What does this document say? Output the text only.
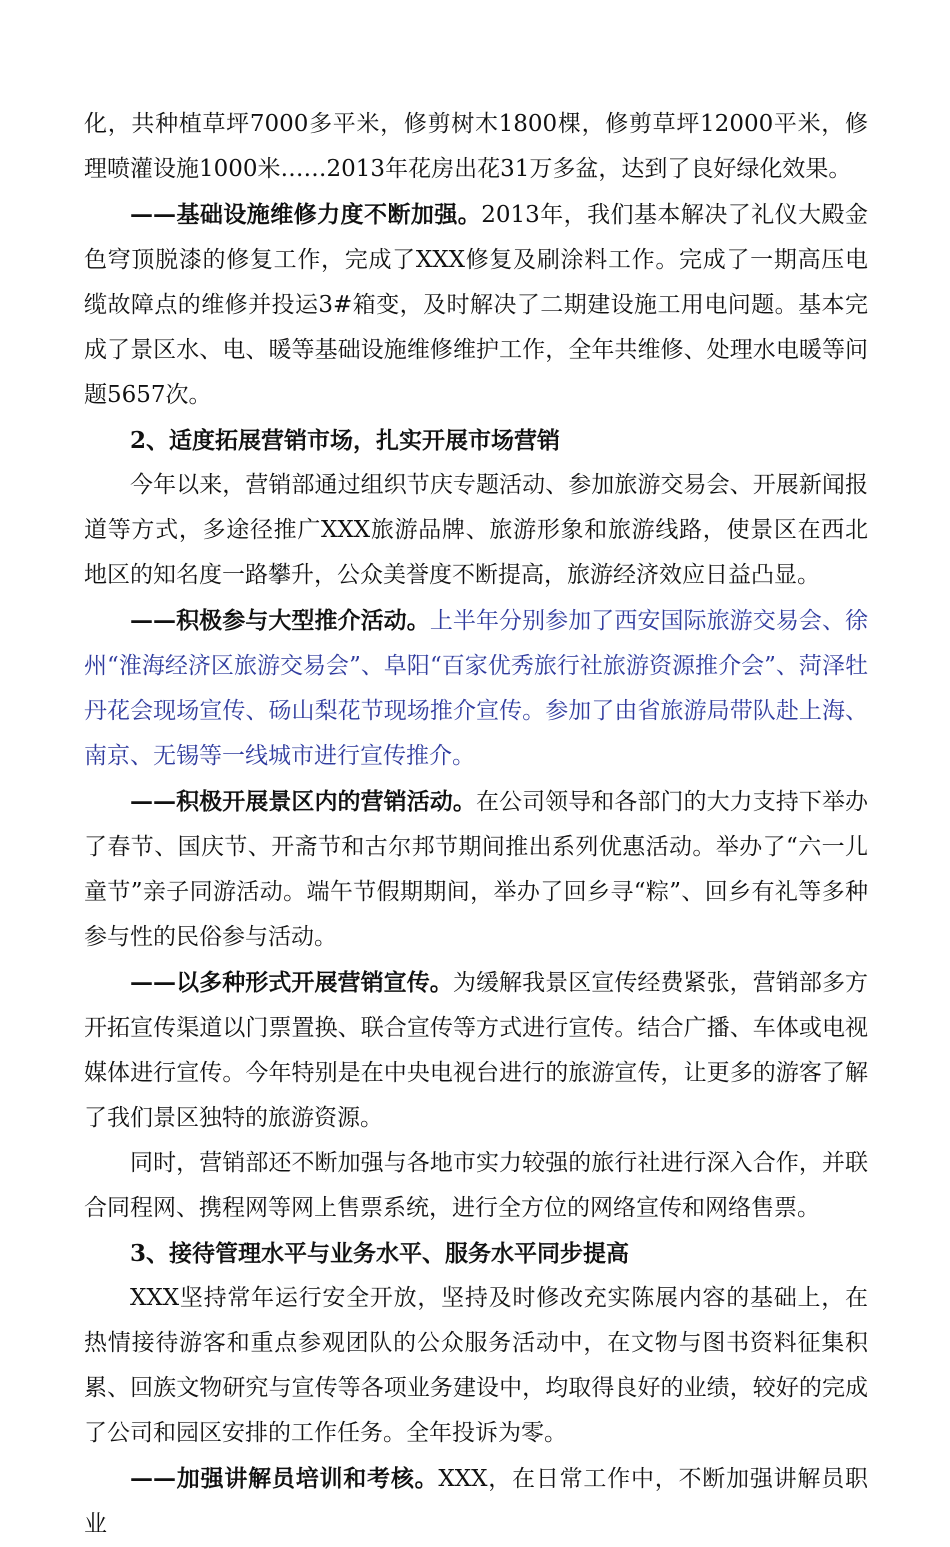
化，共种植草坪7000多平米，修剪树木1800棵，修剪草坪12000平米，修理喷灌设施1000米……2013年花房出花31万多盆，达到了良好绿化效果。

——基础设施维修力度不断加强。2013年，我们基本解决了礼仪大殿金色穹顶脱漆的修复工作，完成了XXX修复及刷涂料工作。完成了一期高压电缆故障点的维修并投运3#箱变，及时解决了二期建设施工用电问题。基本完成了景区水、电、暖等基础设施维修维护工作，全年共维修、处理水电暖等问题5657次。

2、适度拓展营销市场，扎实开展市场营销

今年以来，营销部通过组织节庆专题活动、参加旅游交易会、开展新闻报道等方式，多途径推广XXX旅游品牌、旅游形象和旅游线路，使景区在西北地区的知名度一路攀升，公众美誉度不断提高，旅游经济效应日益凸显。

——积极参与大型推介活动。上半年分别参加了西安国际旅游交易会、徐州“淮海经济区旅游交易会”、阜阳“百家优秀旅行社旅游资源推介会”、菏泽牡丹花会现场宣传、砀山梨花节现场推介宣传。参加了由省旅游局带队赴上海、南京、无锡等一线城市进行宣传推介。

——积极开展景区内的营销活动。在公司领导和各部门的大力支持下举办了春节、国庆节、开斋节和古尔邦节期间推出系列优惠活动。举办了“六一儿童节”亲子同游活动。端午节假期期间，举办了回乡寻“粽”、回乡有礼等多种参与性的民俗参与活动。

——以多种形式开展营销宣传。为缓解我景区宣传经费紧张，营销部多方开拓宣传渠道以门票置换、联合宣传等方式进行宣传。结合广播、车体或电视媒体进行宣传。今年特别是在中央电视台进行的旅游宣传，让更多的游客了解了我们景区独特的旅游资源。

同时，营销部还不断加强与各地市实力较强的旅行社进行深入合作，并联合同程网、携程网等网上售票系统，进行全方位的网络宣传和网络售票。

3、接待管理水平与业务水平、服务水平同步提高

XXX坚持常年运行安全开放，坚持及时修改充实陈展内容的基础上，在热情接待游客和重点参观团队的公众服务活动中，在文物与图书资料征集积累、回族文物研究与宣传等各项业务建设中，均取得良好的业绩，较好的完成了公司和园区安排的工作任务。全年投诉为零。

——加强讲解员培训和考核。XXX，在日常工作中，不断加强讲解员职业
